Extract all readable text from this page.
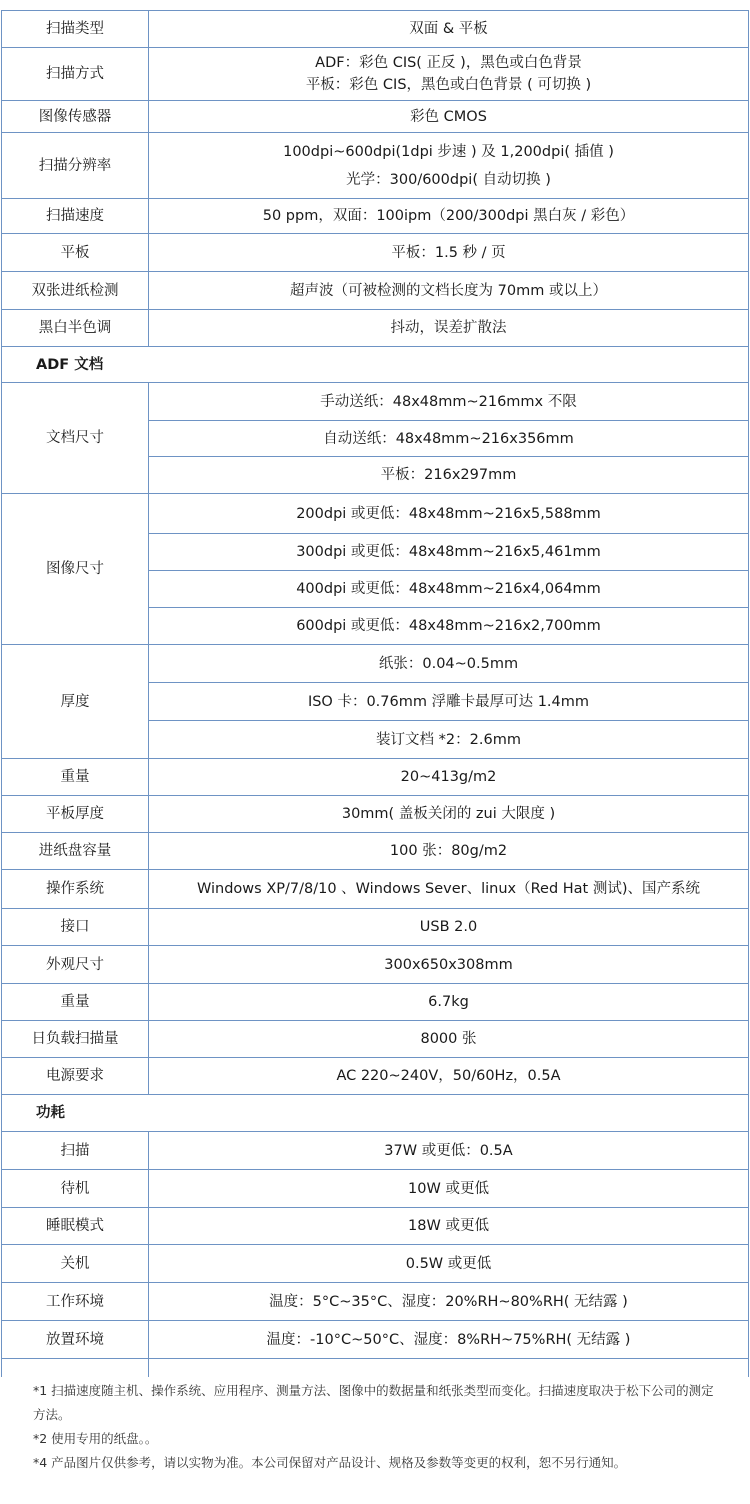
扫描类型	双面 & 平板
扫描方式	ADF：彩色 CIS( 正反 )，黑色或白色背景
平板：彩色 CIS，黑色或白色背景 ( 可切换 )

图像传感器	彩色 CMOS
扫描分辨率	100dpi~600dpi(1dpi 步速 ) 及 1,200dpi( 插值 )
光学：300/600dpi( 自动切换 )

扫描速度	50 ppm，双面：100ipm（200/300dpi 黑白灰 / 彩色）
平板	平板：1.5 秒 / 页
双张进纸检测	超声波（可被检测的文档长度为 70mm 或以上）
黑白半色调	抖动，误差扩散法
ADF 文档	
文档尺寸	手动送纸：48x48mm~216mmx 不限
	自动送纸：48x48mm~216x356mm
	平板：216x297mm
图像尺寸	200dpi 或更低：48x48mm~216x5,588mm
	300dpi 或更低：48x48mm~216x5,461mm
	400dpi 或更低：48x48mm~216x4,064mm
	600dpi 或更低：48x48mm~216x2,700mm
厚度	纸张：0.04~0.5mm
	ISO 卡：0.76mm 浮雕卡最厚可达 1.4mm
	装订文档 *2：2.6mm
重量	20~413g/m2
平板厚度	30mm( 盖板关闭的 zui 大限度 )
进纸盘容量	100 张：80g/m2
操作系统	Windows XP/7/8/10 、Windows Sever、linux（Red Hat 测试)、国产系统
接口	USB 2.0
外观尺寸	300x650x308mm
重量	6.7kg
日负载扫描量	8000 张
电源要求	AC 220~240V，50/60Hz，0.5A
功耗	
扫描	37W 或更低：0.5A
待机	10W 或更低
睡眠模式	18W 或更低
关机	0.5W 或更低
工作环境	温度：5°C~35°C、湿度：20%RH~80%RH( 无结露 )
放置环境	温度：-10°C~50°C、湿度：8%RH~75%RH( 无结露 )

*1 扫描速度随主机、操作系统、应用程序、测量方法、图像中的数据量和纸张类型而变化。扫描速度取决于松下公司的测定方法。
*2 使用专用的纸盘。。
*4 产品图片仅供参考，请以实物为准。本公司保留对产品设计、规格及参数等变更的权利，恕不另行通知。
